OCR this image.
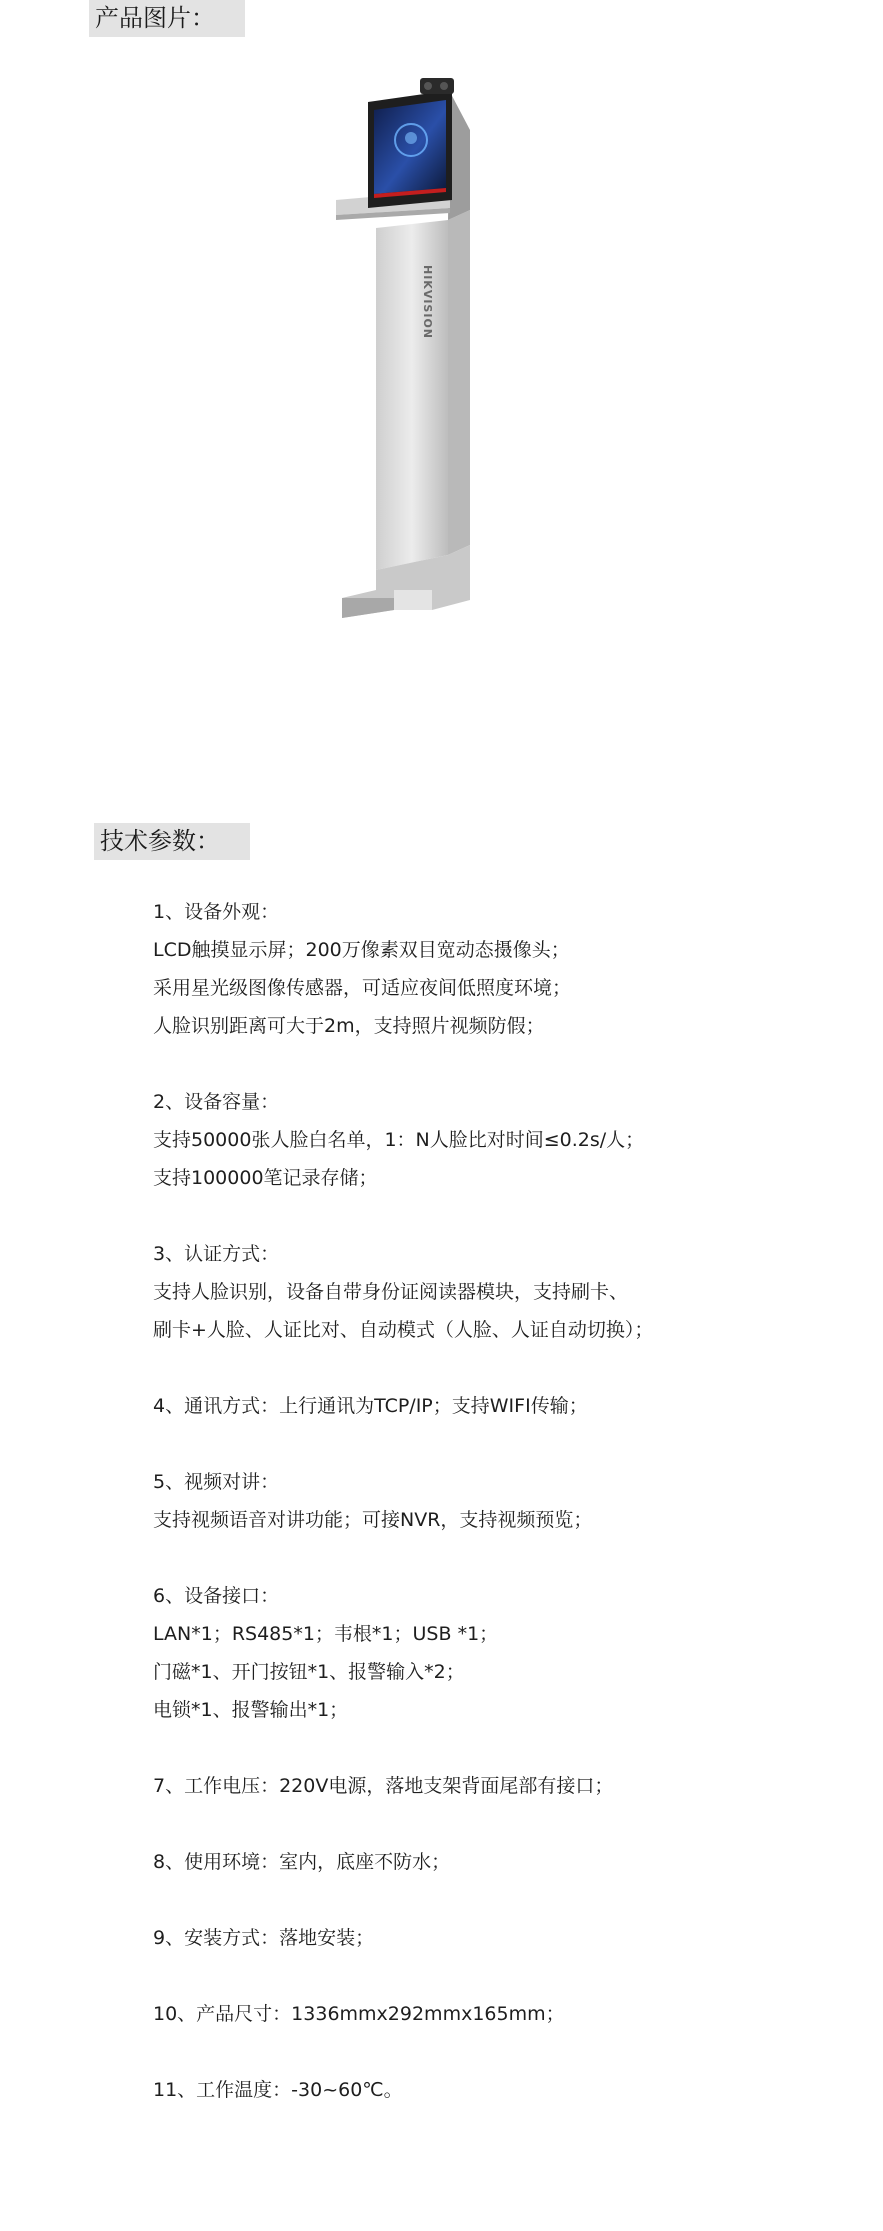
产品图片：
HIKVISION
技术参数：
1、设备外观：
LCD触摸显示屏；200万像素双目宽动态摄像头；
采用星光级图像传感器，可适应夜间低照度环境；
人脸识别距离可大于2m，支持照片视频防假；
2、设备容量：
支持50000张人脸白名单，1：N人脸比对时间≤0.2s/人；
支持100000笔记录存储；
3、认证方式：
支持人脸识别，设备自带身份证阅读器模块，支持刷卡、
刷卡+人脸、人证比对、自动模式（人脸、人证自动切换）；
4、通讯方式：上行通讯为TCP/IP；支持WIFI传输；
5、视频对讲：
支持视频语音对讲功能；可接NVR，支持视频预览；
6、设备接口：
LAN*1；RS485*1；韦根*1；USB *1；
门磁*1、开门按钮*1、报警输入*2；
电锁*1、报警输出*1；
7、工作电压：220V电源，落地支架背面尾部有接口；
8、使用环境：室内，底座不防水；
9、安装方式：落地安装；
10、产品尺寸：1336mmx292mmx165mm；
11、工作温度：-30~60℃。
